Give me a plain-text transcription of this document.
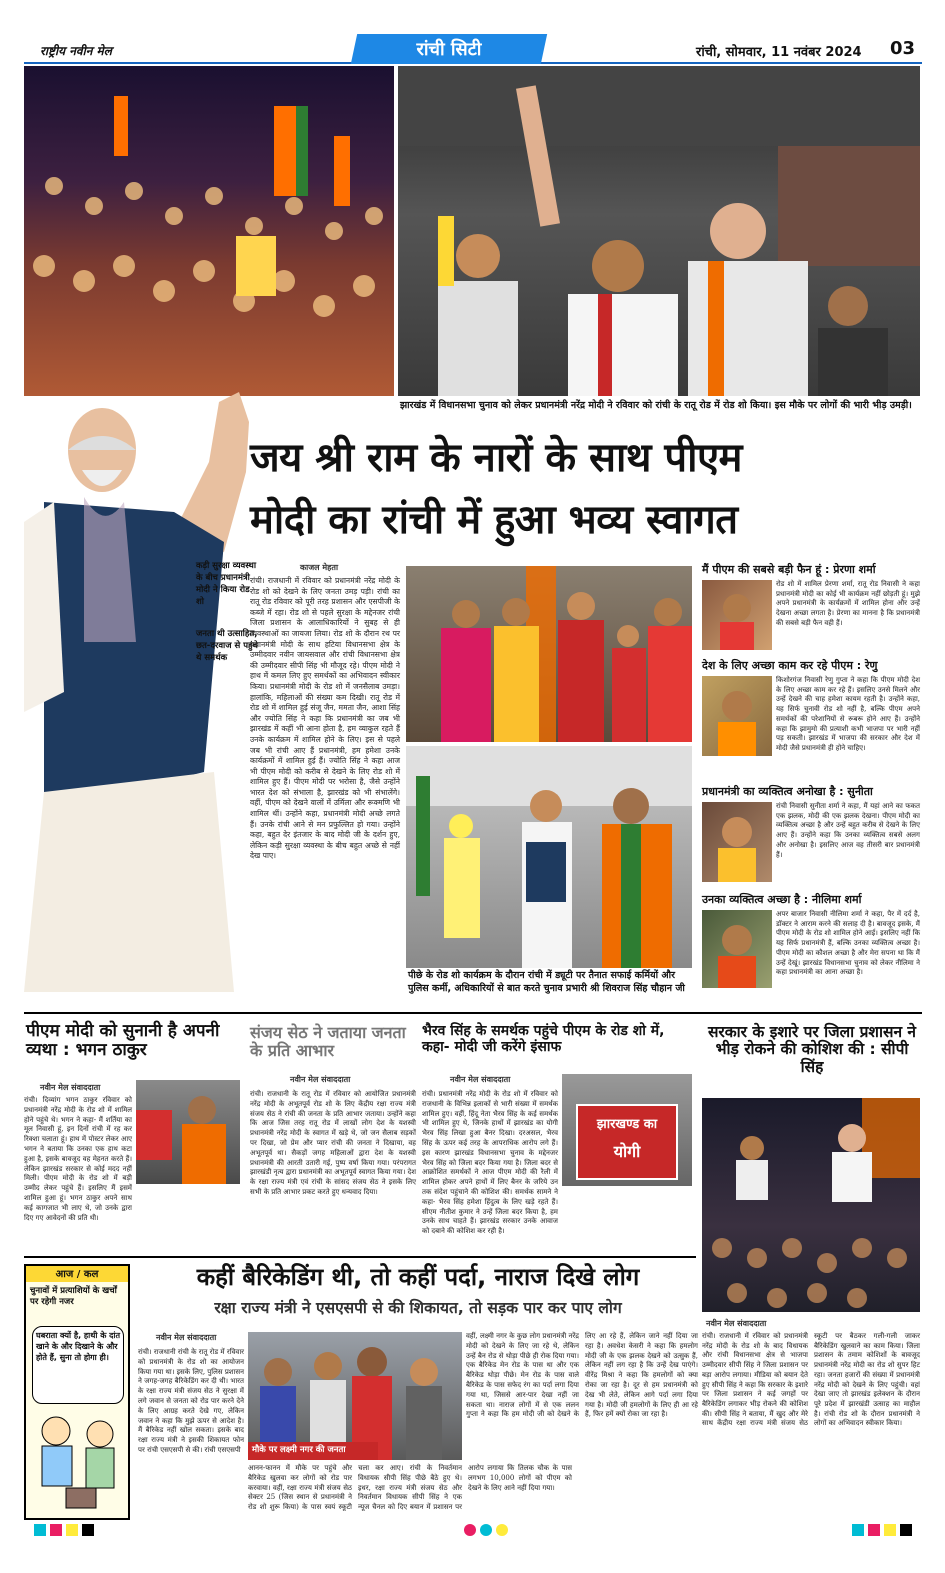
राष्ट्रीय नवीन मेल	रांची सिटी	रांची, सोमवार, 11 नवंबर 2024 03
झारखंड में विधानसभा चुनाव को लेकर प्रधानमंत्री नरेंद्र मोदी ने रविवार को रांची के रातू रोड में रोड शो किया। इस मौके पर लोगों की भारी भीड़ उमड़ी।
जय श्री राम के नारों के साथ पीएम
मोदी का रांची में हुआ भव्य स्वागत
कड़ी सुरक्षा व्यवस्था के बीच प्रधानमंत्री मोदी ने किया रोड शो
जनता थी उत्साहित, छत-दरवाज से पहुंचे थे समर्थक
काजल मेहता
रांची। राजधानी में रविवार को प्रधानमंत्री नरेंद्र मोदी के रोड शो को देखने के लिए जनता उमड़ पड़ी। रांची का रातू रोड रविवार को पूरी तरह प्रशासन और एसपीजी के कब्जे में रहा। रोड शो से पहले सुरक्षा के मद्देनजर रांची जिला प्रशासन के आलाधिकारियों ने सुबह से ही व्यवस्थाओं का जायजा लिया। रोड शो के दौरान रथ पर प्रधानमंत्री मोदी के साथ हटिया विधानसभा क्षेत्र के उम्मीदवार नवीन जायसवाल और रांची विधानसभा क्षेत्र की उम्मीदवार सीपी सिंह भी मौजूद रहे। पीएम मोदी ने हाथ में कमल लिए हुए समर्थकों का अभिवादन स्वीकार किया। प्रधानमंत्री मोदी के रोड शो में जनसैलाब उमड़ा। हालांकि, महिलाओं की संख्या कम दिखी। रातू रोड में रोड शो में शामिल हुई संजू जैन, ममता जैन, आशा सिंह और ज्योति सिंह ने कहा कि प्रधानमंत्री का जब भी झारखंड में कहीं भी आना होता है, हम व्याकुल रहते हैं उनके कार्यक्रम में शामिल होने के लिए। इस से पहले जब भी रांची आए हैं प्रधानमंत्री, हम हमेशा उनके कार्यक्रमों में शामिल हुई हैं। ज्योति सिंह ने कहा आज भी पीएम मोदी को करीब से देखने के लिए रोड शो में शामिल हुए हैं। पीएम मोदी पर भरोसा है, जैसे उन्होंने भारत देश को संभाला है, झारखंड को भी संभालेंगे। वहीं, पीएम को देखने वालों में उर्मिला और रूक्मणि भी शामिल थीं। उन्होंने कहा, प्रधानमंत्री मोदी अच्छे लगते हैं। उनके रांची आने से मन प्रफुल्लित हो गया। उन्होंने कहा, बहुत देर इंतजार के बाद मोदी जी के दर्शन हुए, लेकिन कड़ी सुरक्षा व्यवस्था के बीच बहुत अच्छे से नहीं देख पाए।
पीछे के रोड शो कार्यक्रम के दौरान रांची में ड्यूटी पर तैनात सफाई कर्मियों और पुलिस कर्मी, अधिकारियों से बात करते चुनाव प्रभारी श्री शिवराज सिंह चौहान जी
मैं पीएम की सबसे बड़ी फैन हूं : प्रेरणा शर्मा
रोड शो में शामिल प्रेरणा शर्मा, रातू रोड निवासी ने कहा प्रधानमंत्री मोदी का कोई भी कार्यक्रम नहीं छोड़ती हूं। मुझे अपने प्रधानमंत्री के कार्यक्रमों में शामिल होना और उन्हें देखना अच्छा लगता है। प्रेरणा का मानना है कि प्रधानमंत्री की सबसे बड़ी फैन वही हैं।
देश के लिए अच्छा काम कर रहे पीएम : रेणु
किशोरगंज निवासी रेणु गुप्ता ने कहा कि पीएम मोदी देश के लिए अच्छा काम कर रहे हैं। इसलिए उनसे मिलने और उन्हें देखने की चाह हमेशा कायम रहती है। उन्होंने कहा, यह सिर्फ चुनावी रोड शो नहीं है, बल्कि पीएम अपने समर्थकों की परेशानियों से रूबरू होने आए हैं। उन्होंने कहा कि झामुमो की प्रत्याशी कभी भाजपा पर भारी नहीं पड़ सकती। झारखंड में भाजपा की सरकार और देश में मोदी जैसे प्रधानमंत्री ही होने चाहिए।
प्रधानमंत्री का व्यक्तित्व अनोखा है : सुनीता
रांची निवासी सुनीता शर्मा ने कहा, मैं यहां आने का फकत एक झलक, मोदी की एक झलक देखना। पीएम मोदी का व्यक्तित्व अच्छा है और उन्हें बहुत करीब से देखने के लिए आए हैं। उन्होंने कहा कि उनका व्यक्तित्व सबसे अलग और अनोखा है। इसलिए आज वह तीसरी बार प्रधानमंत्री हैं।
उनका व्यक्तित्व अच्छा है : नीलिमा शर्मा
अपर बाजार निवासी नीलिमा शर्मा ने कहा, पैर में दर्द है, डॉक्टर ने आराम करने की सलाह दी है। बावजूद इसके, मैं पीएम मोदी के रोड शो शामिल होने आई। इसलिए नहीं कि यह सिर्फ प्रधानमंत्री हैं, बल्कि उनका व्यक्तित्व अच्छा है। पीएम मोदी का कौशल अच्छा है और मेरा सपना था कि मैं उन्हें देखूं। झारखंड विधानसभा चुनाव को लेकर नीलिमा ने कहा प्रधानमंत्री का आना अच्छा है।
पीएम मोदी को सुनानी है अपनी व्यथा : भगन ठाकुर
नवीन मेल संवाददाता
रांची। दिव्यांग भगन ठाकुर रविवार को प्रधानमंत्री नरेंद्र मोदी के रोड शो में शामिल होने पहुंचे थे। भगन ने कहा- मैं शर्तिया का मूल निवासी हूं, इन दिनों रांची में रह कर रिक्शा चलाता हूं। हाथ में पोस्टर लेकर आए भगन ने बताया कि उनका एक हाथ कटा हुआ है, इसके बावजूद वह मेहनत करते हैं। लेकिन झारखंड सरकार से कोई मदद नहीं मिली। पीएम मोदी के रोड शो में बड़ी उम्मीद लेकर पहुंचे हैं। इसलिए मैं इसमें शामिल हुआ हूं। भगन ठाकुर अपने साथ कई कागजात भी लाए थे, जो उनके द्वारा दिए गए आवेदनों की प्रति थी।
संजय सेठ ने जताया जनता के प्रति आभार
नवीन मेल संवाददाता
रांची। राजधानी के रातू रोड में रविवार को आयोजित प्रधानमंत्री नरेंद्र मोदी के अभूतपूर्व रोड शो के लिए केंद्रीय रक्षा राज्य मंत्री संजय सेठ ने रांची की जनता के प्रति आभार जताया। उन्होंने कहा कि आज जिस तरह रातू रोड में लाखों लोग देश के यशस्वी प्रधानमंत्री नरेंद्र मोदी के स्वागत में खड़े थे, जो जन सैलाब सड़कों पर दिखा, जो प्रेम और प्यार रांची की जनता ने दिखाया, वह अभूतपूर्व था। सैकड़ों जगह महिलाओं द्वारा देश के यशस्वी प्रधानमंत्री की आरती उतारी गई, पुष्प वर्षा किया गया। परंपरागत झारखंडी नृत्य द्वारा प्रधानमंत्री का अभूतपूर्व स्वागत किया गया। देश के रक्षा राज्य मंत्री एवं रांची के सांसद संजय सेठ ने इसके लिए सभी के प्रति आभार प्रकट करते हुए धन्यवाद दिया।
भैरव सिंह के समर्थक पहुंचे पीएम के रोड शो में, कहा- मोदी जी करेंगे इंसाफ
नवीन मेल संवाददाता
रांची। प्रधानमंत्री नरेंद्र मोदी के रोड शो में रविवार को राजधानी के विभिन्न इलाकों से भारी संख्या में समर्थक शामिल हुए। वहीं, हिंदू नेता भैरव सिंह के कई समर्थक भी शामिल हुए थे, जिनके हाथों में झारखंड का योगी भैरव सिंह लिखा हुआ बैनर दिखा। दरअसल, भैरव सिंह के ऊपर कई तरह के आपराधिक आरोप लगे हैं। इस कारण झारखंड विधानसभा चुनाव के मद्देनजर भैरव सिंह को जिला बदर किया गया है। जिला बदर से आक्रोशित समर्थकों ने आज पीएम मोदी की रैली में शामिल होकर अपने हाथों में लिए बैनर के जरिये उन तक संदेश पहुंचाने की कोशिश की। समर्थक सामने ने कहा- भैरव सिंह हमेशा हिंदुत्व के लिए खड़े रहते हैं। सीएम नीतीश कुमार ने उन्हें जिला बदर किया है, हम उनके साथ चाहते हैं। झारखंड सरकार उनके आवाज को दबाने की कोशिश कर रही है।
झारखण्ड का
योगी
सरकार के इशारे पर जिला प्रशासन ने भीड़ रोकने की कोशिश की : सीपी सिंह
नवीन मेल संवाददाता
रांची। राजधानी में रविवार को प्रधानमंत्री नरेंद्र मोदी के रोड शो के बाद विधायक और रांची विधानसभा क्षेत्र से भाजपा उम्मीदवार सीपी सिंह ने जिला प्रशासन पर बड़ा आरोप लगाया। मीडिया को बयान देते हुए सीपी सिंह ने कहा कि सरकार के इशारे पर जिला प्रशासन ने कई जगहों पर बैरिकेडिंग लगाकर भीड़ रोकने की कोशिश की। सीपी सिंह ने बताया, मैं खुद और मेरे साथ केंद्रीय रक्षा राज्य मंत्री संजय सेठ स्कूटी पर बैठकर गली-गली जाकर बैरिकेडिंग खुलवाने का काम किया। जिला प्रशासन के तमाम कोशिशों के बावजूद प्रधानमंत्री नरेंद्र मोदी का रोड शो सुपर हिट रहा। जनता हजारों की संख्या में प्रधानमंत्री नरेंद्र मोदी को देखने के लिए पहुंची। वहां देखा जाए तो झारखंड इलेक्शन के दौरान पूरे प्रदेश में झारखंडी उत्साह का माहौल है। रांची रोड शो के दौरान प्रधानमंत्री ने लोगों का अभिवादन स्वीकार किया।
आज / कल
चुनावों में प्रत्याशियों के खर्चों पर रहेगी नजर
घबराता क्यों है, हाथी के दांत खाने के और दिखाने के और होते हैं, सुना तो होगा ही।
कहीं बैरिकेडिंग थी, तो कहीं पर्दा, नाराज दिखे लोग
रक्षा राज्य मंत्री ने एसएसपी से की शिकायत, तो सड़क पार कर पाए लोग
नवीन मेल संवाददाता
रांची। राजधानी रांची के रातू रोड में रविवार को प्रधानमंत्री के रोड शो का आयोजन किया गया था। इसके लिए, पुलिस प्रशासन ने जगह-जगह बैरिकेडिंग कर दी थी। भारत के रक्षा राज्य मंत्री संजय सेठ ने सुरक्षा में लगे जवान से जनता को रोड पार करने देने के लिए आग्रह करते देखे गए, लेकिन जवान ने कहा कि मुझे ऊपर से आदेश है। मैं बैरिकेड नहीं खोल सकता। इसके बाद रक्षा राज्य मंत्री ने इसकी शिकायत फोन पर रांची एसएसपी से की। रांची एसएसपी	मौके पर लक्ष्मी नगर की जनता
आनन-फानन में मौके पर पहुंचे और बैरिकेड खुलवा कर लोगों को रोड पार करवाया। वहीं, रक्षा राज्य मंत्री संजय सेठ सेक्टर 25 (जिस स्थान से प्रधानमंत्री ने रोड शो शुरू किया) के पास स्वयं स्कूटी चला कर आए। रांची के निवर्तमान विधायक सीपी सिंह पीछे बैठे हुए थे। इधर, रक्षा राज्य मंत्री संजय सेठ और निवर्तमान विधायक सीपी सिंह ने एक न्यूज चैनल को दिए बयान में प्रशासन पर आरोप लगाया कि तिलक चौक के पास लगभग 10,000 लोगों को पीएम को देखने के लिए आने नहीं दिया गया।
वहीं, लक्ष्मी नगर के कुछ लोग प्रधानमंत्री नरेंद्र मोदी को देखने के लिए जा रहे थे, लेकिन उन्हें बैन रोड से थोड़ा पीछे ही रोक दिया गया। एक बैरिकेड मेन रोड के पास था और एक बैरिकेड थोड़ा पीछे। मेन रोड के पास वाले बैरिकेड के पास सफेद रंग का पर्दा लगा दिया गया था, जिससे आर-पार देखा नहीं जा सकता था। नाराज लोगों में से एक ललन गुप्ता ने कहा कि हम मोदी जी को देखने के लिए आ रहे हैं, लेकिन जाने नहीं दिया जा रहा है। अवधेश केसरी ने कहा कि हमलोग मोदी जी के एक झलक देखने को उत्सुक हैं, लेकिन नहीं लग रहा है कि उन्हें देख पाएंगे। वीरेंद्र मिश्रा ने कहा कि हमलोगों को क्या रोका जा रहा है। दूर से हम प्रधानमंत्री को देख भी लेते, लेकिन आगे पर्दा लगा दिया गया है। मोदी जी हमलोगों के लिए ही आ रहे हैं, फिर हमें क्यों रोका जा रहा है।
